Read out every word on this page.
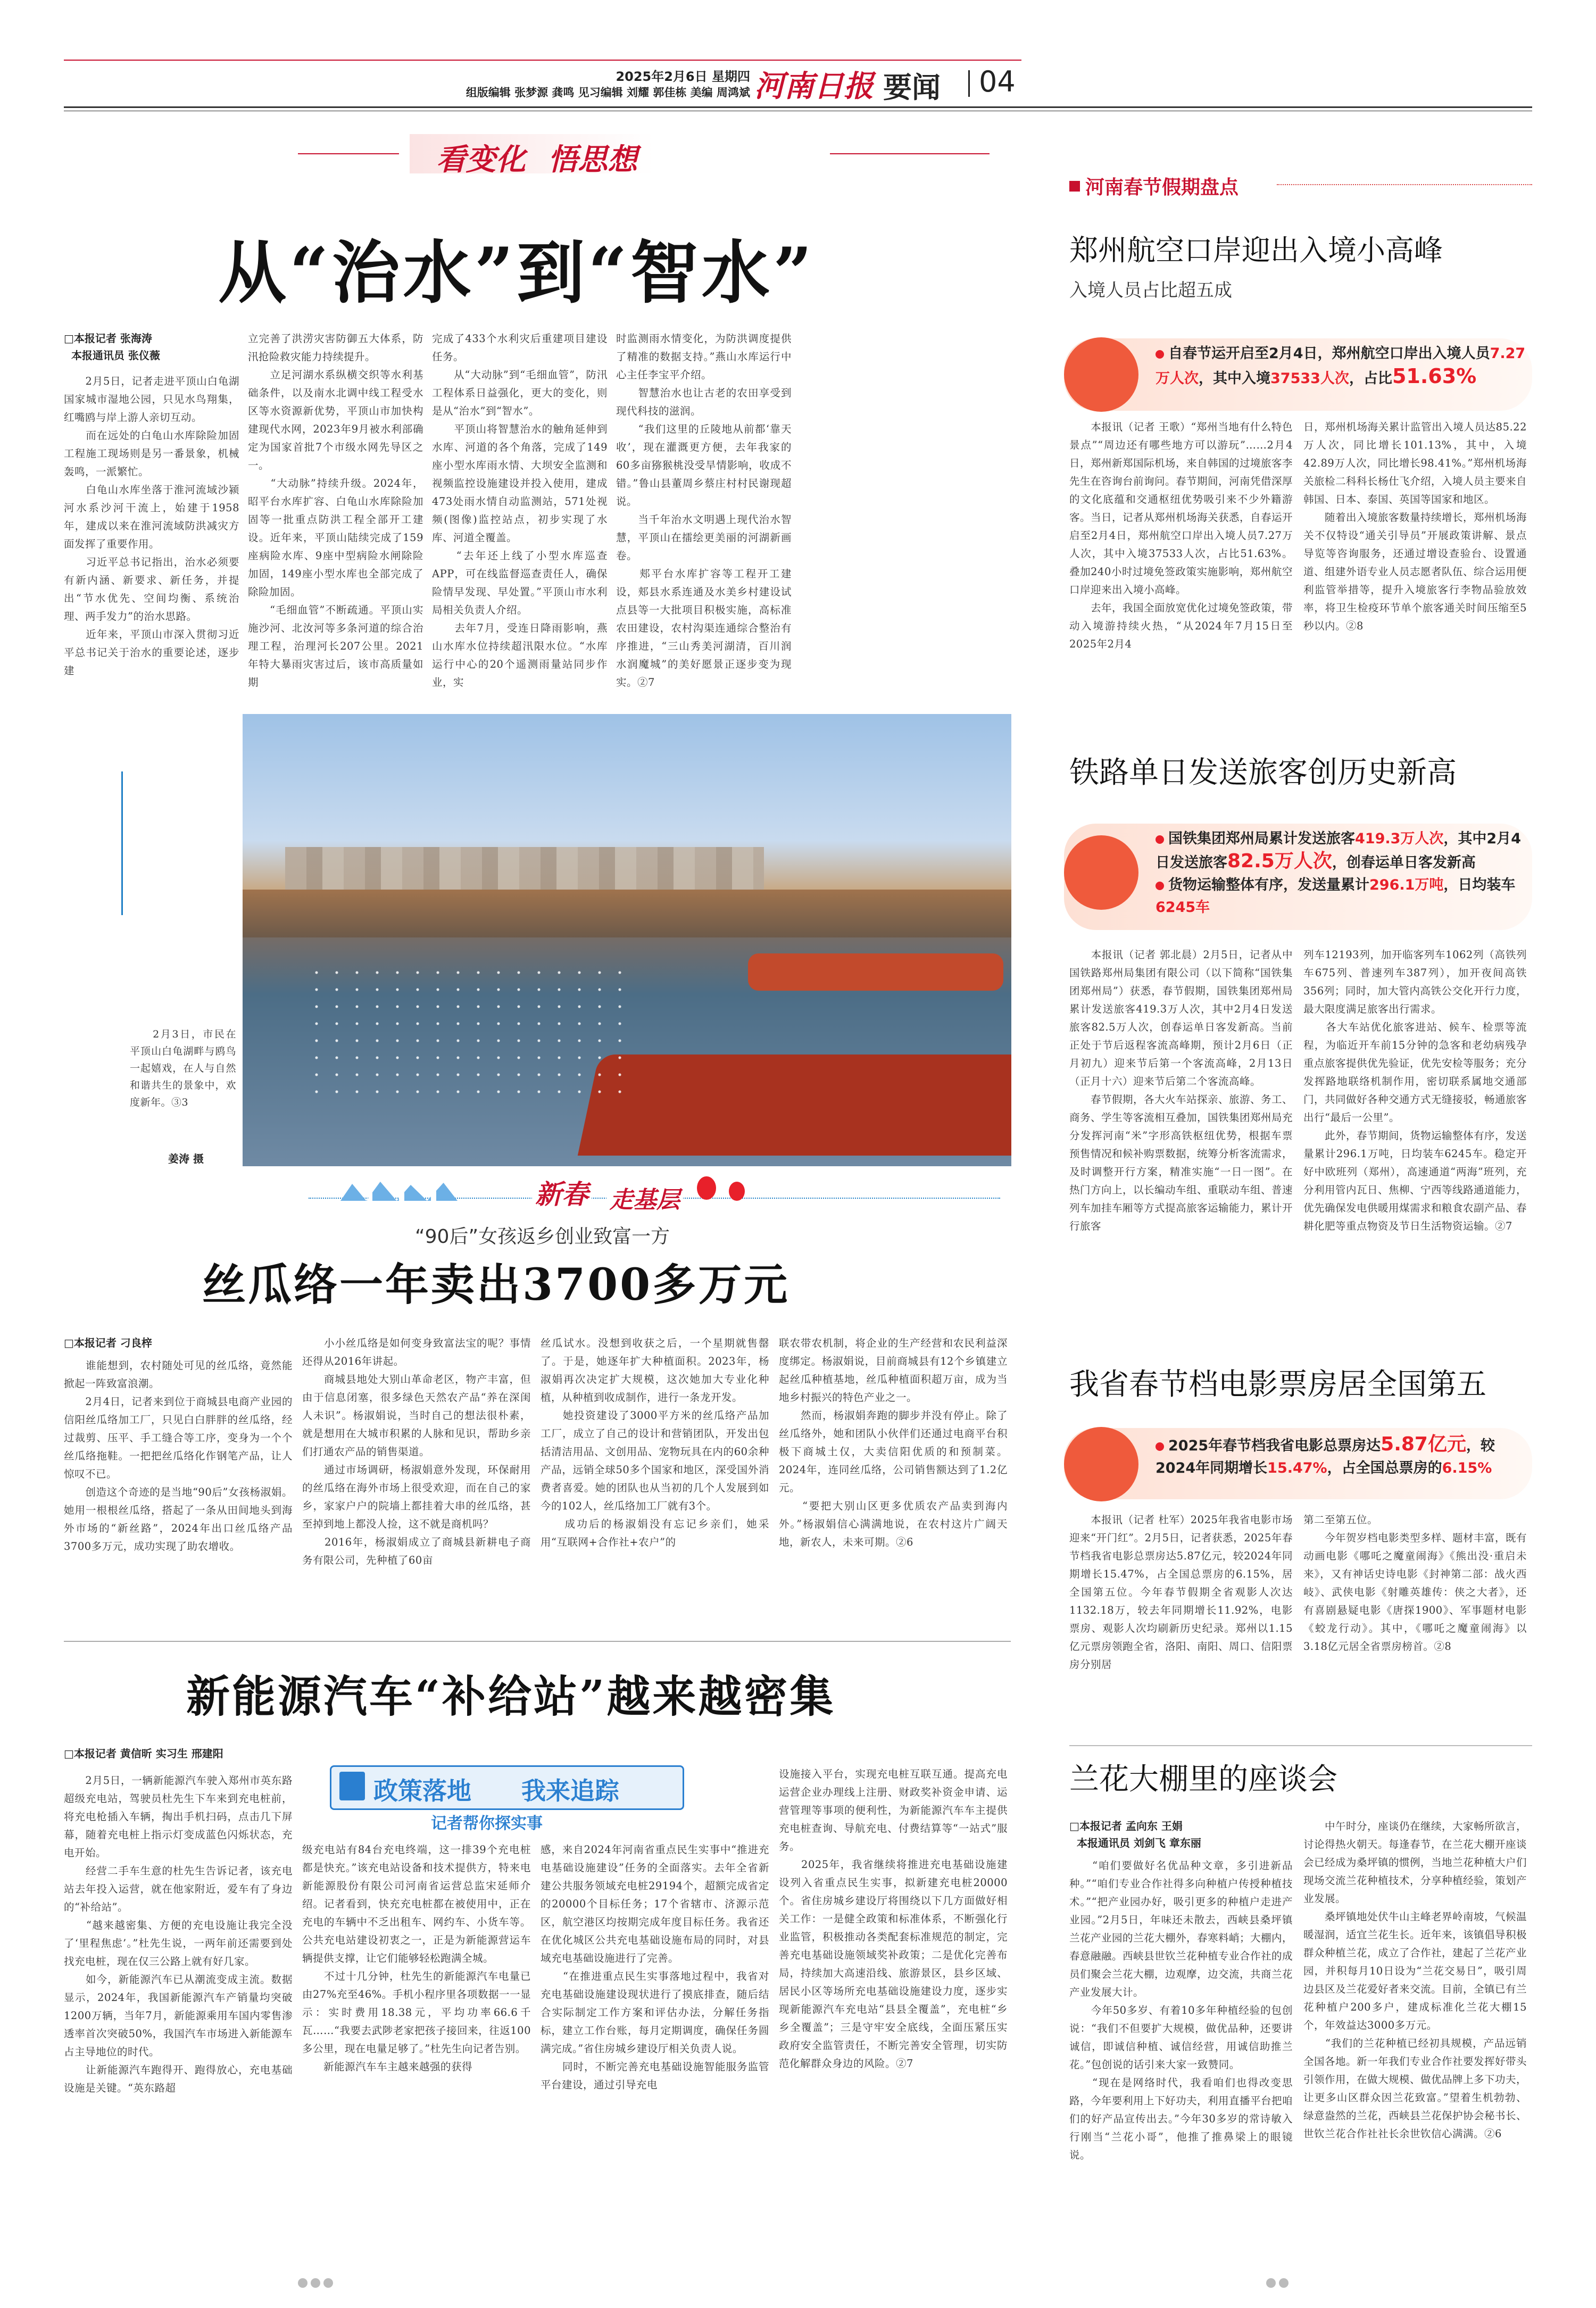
2025年2月6日 星期四
组版编辑 张梦源 龚鸣 见习编辑 刘耀 郭佳栋 美编 周鸿斌 河南日报 要闻 04
看变化 悟思想
从“治水”到“智水”
□本报记者 张海涛
本报通讯员 张仪薇
　　2月5日，记者走进平顶山白龟湖国家城市湿地公园，只见水鸟翔集，红嘴鸥与岸上游人亲切互动。
　　而在远处的白龟山水库除险加固工程施工现场则是另一番景象，机械轰鸣，一派繁忙。
　　白龟山水库坐落于淮河流域沙颍河水系沙河干流上，始建于1958年，建成以来在淮河流域防洪减灾方面发挥了重要作用。
　　习近平总书记指出，治水必须要有新内涵、新要求、新任务，并提出“节水优先、空间均衡、系统治理、两手发力”的治水思路。
　　近年来，平顶山市深入贯彻习近平总书记关于治水的重要论述，逐步建
立完善了洪涝灾害防御五大体系，防汛抢险救灾能力持续提升。
　　立足河湖水系纵横交织等水利基础条件，以及南水北调中线工程受水区等水资源新优势，平顶山市加快构建现代水网，2023年9月被水利部确定为国家首批7个市级水网先导区之一。
　　“大动脉”持续升级。2024年，昭平台水库扩容、白龟山水库除险加固等一批重点防洪工程全部开工建设。近年来，平顶山陆续完成了159座病险水库、9座中型病险水闸除险加固，149座小型水库也全部完成了除险加固。
　　“毛细血管”不断疏通。平顶山实施沙河、北汝河等多条河道的综合治理工程，治理河长207公里。2021年特大暴雨灾害过后，该市高质量如期
完成了433个水利灾后重建项目建设任务。
　　从“大动脉”到“毛细血管”，防汛工程体系日益强化，更大的变化，则是从“治水”到“智水”。
　　平顶山将智慧治水的触角延伸到水库、河道的各个角落，完成了149座小型水库雨水情、大坝安全监测和视频监控设施建设并投入使用，建成473处雨水情自动监测站，571处视频(图像)监控站点，初步实现了水库、河道全覆盖。
　　“去年还上线了小型水库巡查APP，可在线监督巡查责任人，确保险情早发现、早处置。”平顶山市水利局相关负责人介绍。
　　去年7月，受连日降雨影响，燕山水库水位持续超汛限水位。“水库运行中心的20个遥测雨量站同步作业，实
时监测雨水情变化，为防洪调度提供了精准的数据支持。”燕山水库运行中心主任李宝平介绍。
　　智慧治水也让古老的农田享受到现代科技的滋润。
　　“我们这里的丘陵地从前都‘靠天收’，现在灌溉更方便，去年我家的60多亩猕猴桃没受旱情影响，收成不错。”鲁山县董周乡蔡庄村村民谢现超说。
　　当千年治水文明遇上现代治水智慧，平顶山在擂绘更美丽的河湖新画卷。
　　郏平台水库扩容等工程开工建设，郏县水系连通及水美乡村建设试点县等一大批项目积极实施，高标准农田建设，农村沟渠连通综合整治有序推进，“三山秀美河湖清，百川润水润魔城”的美好愿景正逐步变为现实。②7
　　2月3日，市民在平顶山白龟湖畔与鸥鸟一起嬉戏，在人与自然和谐共生的景象中，欢度新年。③3
姜涛 摄
新春 走基层
“90后”女孩返乡创业致富一方
丝瓜络一年卖出3700多万元
□本报记者 刁良梓
　　谁能想到，农村随处可见的丝瓜络，竟然能掀起一阵致富浪潮。
　　2月4日，记者来到位于商城县电商产业园的信阳丝瓜络加工厂，只见白白胖胖的丝瓜络，经过裁剪、压平、手工缝合等工序，变身为一个个丝瓜络拖鞋。一把把丝瓜络化作钢笔产品，让人惊叹不已。
　　创造这个奇迹的是当地“90后”女孩杨淑娟。她用一根根丝瓜络，搭起了一条从田间地头到海外市场的“新丝路”，2024年出口丝瓜络产品3700多万元，成功实现了助农增收。
　　小小丝瓜络是如何变身致富法宝的呢？事情还得从2016年讲起。
　　商城县地处大别山革命老区，物产丰富，但由于信息闭塞，很多绿色天然农产品“养在深闺人未识”。杨淑娟说，当时自己的想法很朴素，就是想用在大城市积累的人脉和见识，帮助乡亲们打通农产品的销售渠道。
　　通过市场调研，杨淑娟意外发现，环保耐用的丝瓜络在海外市场上很受欢迎，而在自己的家乡，家家户户的院墙上都挂着大串的丝瓜络，甚至掉到地上都没人捡，这不就是商机吗？
　　2016年，杨淑娟成立了商城县新耕电子商务有限公司，先种植了60亩
丝瓜试水。没想到收获之后，一个星期就售罄了。于是，她逐年扩大种植面积。2023年，杨淑娟再次决定扩大规模，这次她加大专业化种植，从种植到收成制作，进行一条龙开发。
　　她投资建设了3000平方米的丝瓜络产品加工厂，成立了自己的设计和营销团队，开发出包括清洁用品、文创用品、宠物玩具在内的60余种产品，远销全球50多个国家和地区，深受国外消费者喜爱。她的团队也从当初的几个人发展到如今的102人，丝瓜络加工厂就有3个。
　　成功后的杨淑娟没有忘记乡亲们，她采用“互联网+合作社+农户”的
联农带农机制，将企业的生产经营和农民利益深度绑定。杨淑娟说，目前商城县有12个乡镇建立起丝瓜种植基地，丝瓜种植面积超万亩，成为当地乡村振兴的特色产业之一。
　　然而，杨淑娟奔跑的脚步并没有停止。除了丝瓜络外，她和团队小伙伴们还通过电商平台积极下商城土仅，大卖信阳优质的和预制菜。2024年，连同丝瓜络，公司销售额达到了1.2亿元。
　　“要把大别山区更多优质农产品卖到海内外。”杨淑娟信心满满地说，在农村这片广阔天地，新农人，未来可期。②6
新能源汽车“补给站”越来越密集
□本报记者 黄信昕 实习生 邢建阳
政策落地 我来追踪
记者帮你探实事
　　2月5日，一辆新能源汽车驶入郑州市英东路超级充电站，驾驶员杜先生下车来到充电桩前，将充电枪插入车辆，掏出手机扫码，点击几下屏幕，随着充电桩上指示灯变成蓝色闪烁状态，充电开始。
　　经营二手车生意的杜先生告诉记者，该充电站去年投入运营，就在他家附近，爱车有了身边的“补给站”。
　　“越来越密集、方便的充电设施让我完全没了‘里程焦虑’。”杜先生说，一两年前还需要到处找充电桩，现在仅三公路上就有好几家。
　　如今，新能源汽车已从潮流变成主流。数据显示，2024年，我国新能源汽车产销量均突破1200万辆，当年7月，新能源乘用车国内零售渗透率首次突破50%，我国汽车市场进入新能源车占主导地位的时代。
　　让新能源汽车跑得开、跑得放心，充电基础设施是关键。“英东路超
级充电站有84台充电终端，这一排39个充电桩都是快充。”该充电站设备和技术提供方，特来电新能源股份有限公司河南省运营总监宋延师介绍。记者看到，快充充电桩都在被使用中，正在充电的车辆中不乏出租车、网约车、小货车等。公共充电站建设初衷之一，正是为新能源营运车辆提供支撑，让它们能够轻松跑满全城。
　　不过十几分钟，杜先生的新能源汽车电量已由27%充至46%。手机小程序里各项数据一一显示：实时费用18.38元，平均功率66.6千瓦……“我要去武陟老家把孩子接回来，往返100多公里，现在电量足够了。”杜先生向记者告别。
　　新能源汽车车主越来越强的获得
感，来自2024年河南省重点民生实事中“推进充电基础设施建设”任务的全面落实。去年全省新建公共服务领域充电桩29194个，超额完成省定的20000个目标任务；17个省辖市、济源示范区，航空港区均按期完成年度目标任务。我省还在优化城区公共充电基础设施布局的同时，对县域充电基础设施进行了完善。
　　“在推进重点民生实事落地过程中，我省对充电基础设施建设现状进行了摸底排查，随后结合实际制定工作方案和评估办法，分解任务指标，建立工作台账，每月定期调度，确保任务圆满完成。”省住房城乡建设厅相关负责人说。
　　同时，不断完善充电基础设施智能服务监管平台建设，通过引导充电
设施接入平台，实现充电桩互联互通。提高充电运营企业办理线上注册、财政奖补资金申请、运营管理等事项的便利性，为新能源汽车车主提供充电桩查询、导航充电、付费结算等“一站式”服务。
　　2025年，我省继续将推进充电基础设施建设列入省重点民生实事，拟新建充电桩20000个。省住房城乡建设厅将围绕以下几方面做好相关工作：一是健全政策和标准体系，不断强化行业监管，积极推动各类配套标准规范的制定，完善充电基础设施领域奖补政策；二是优化完善布局，持续加大高速沿线、旅游景区，县乡区域、居民小区等场所充电基础设施建设力度，逐步实现新能源汽车充电站“县县全覆盖”，充电桩“乡乡全覆盖”；三是守牢安全底线，全面压紧压实政府安全监管责任，不断完善安全管理，切实防范化解群众身边的风险。②7
河南春节假期盘点
郑州航空口岸迎出入境小高峰
入境人员占比超五成
自春节运开启至2月4日，郑州航空口岸出入境人员7.27万人次，其中入境37533人次，占比51.63%
　　本报讯（记者 王歌）“郑州当地有什么特色景点”“周边还有哪些地方可以游玩”……2月4日，郑州新郑国际机场，来自韩国的过境旅客李先生在咨询台前询问。春节期间，河南凭借深厚的文化底蕴和交通枢纽优势吸引来不少外籍游客。当日，记者从郑州机场海关获悉，自春运开启至2月4日，郑州航空口岸出入境人员7.27万人次，其中入境37533人次，占比51.63%。叠加240小时过境免签政策实施影响，郑州航空口岸迎来出入境小高峰。
　　去年，我国全面放宽优化过境免签政策，带动入境游持续火热，“从2024年7月15日至2025年2月4
日，郑州机场海关累计监管出入境人员达85.22万人次，同比增长101.13%，其中，入境42.89万人次，同比增长98.41%。”郑州机场海关旅检二科科长杨仕飞介绍，入境人员主要来自韩国、日本、泰国、英国等国家和地区。
　　随着出入境旅客数量持续增长，郑州机场海关不仅特设“通关引导员”开展政策讲解、景点导览等咨询服务，还通过增设查验台、设置通道、组建外语专业人员志愿者队伍、综合运用便利监管举措等，提升入境旅客行李物品验放效率，将卫生检疫环节单个旅客通关时间压缩至5秒以内。②8
铁路单日发送旅客创历史新高
国铁集团郑州局累计发送旅客419.3万人次，其中2月4日发送旅客82.5万人次，创春运单日客发新高
货物运输整体有序，发送量累计296.1万吨，日均装车6245车
　　本报讯（记者 郭北晨）2月5日，记者从中国铁路郑州局集团有限公司（以下简称“国铁集团郑州局”）获悉，春节假期，国铁集团郑州局累计发送旅客419.3万人次，其中2月4日发送旅客82.5万人次，创春运单日客发新高。当前正处于节后返程客流高峰期，预计2月6日（正月初九）迎来节后第一个客流高峰，2月13日（正月十六）迎来节后第二个客流高峰。
　　春节假期，各大火车站探亲、旅游、务工、商务、学生等客流相互叠加，国铁集团郑州局充分发挥河南“米”字形高铁枢纽优势，根据车票预售情况和候补购票数据，统筹分析客流需求，及时调整开行方案，精准实施“一日一图”。在热门方向上，以长编动车组、重联动车组、普速列车加挂车厢等方式提高旅客运输能力，累计开行旅客
列车12193列，加开临客列车1062列（高铁列车675列、普速列车387列），加开夜间高铁356列；同时，加大管内高铁公交化开行力度，最大限度满足旅客出行需求。
　　各大车站优化旅客进站、候车、检票等流程，为临近开车前15分钟的急客和老幼病残孕重点旅客提供优先验证，优先安检等服务；充分发挥路地联络机制作用，密切联系属地交通部门，共同做好各种交通方式无缝接驳，畅通旅客出行“最后一公里”。
　　此外，春节期间，货物运输整体有序，发送量累计296.1万吨，日均装车6245车。稳定开好中欧班列（郑州），高速通道“两海”班列，充分利用管内瓦日、焦柳、宁西等线路通道能力，优先确保发电供暖用煤需求和粮食农副产品、春耕化肥等重点物资及节日生活物资运输。②7
我省春节档电影票房居全国第五
2025年春节档我省电影总票房达5.87亿元，较2024年同期增长15.47%，占全国总票房的6.15%
　　本报讯（记者 杜军）2025年我省电影市场迎来“开门红”。2月5日，记者获悉，2025年春节档我省电影总票房达5.87亿元，较2024年同期增长15.47%，占全国总票房的6.15%，居全国第五位。今年春节假期全省观影人次达1132.18万，较去年同期增长11.92%，电影票房、观影人次均刷新历史纪录。郑州以1.15亿元票房领跑全省，洛阳、南阳、周口、信阳票房分别居
第二至第五位。
　　今年贺岁档电影类型多样、题材丰富，既有动画电影《哪吒之魔童闹海》《熊出没·重启未来》，又有神话史诗电影《封神第二部：战火西岐》、武侠电影《射雕英雄传：侠之大者》，还有喜剧悬疑电影《唐探1900》、军事题材电影《蛟龙行动》。其中，《哪吒之魔童闹海》以3.18亿元居全省票房榜首。②8
兰花大棚里的座谈会
□本报记者 孟向东 王娟
本报通讯员 刘剑飞 章东丽
　　“咱们要做好名优品种文章，多引进新品种。”“咱们专业合作社得多向种植户传授种植技术。”“把产业园办好，吸引更多的种植户走进产业园。”2月5日，年味还未散去，西峡县桑坪镇兰花产业园的兰花大棚外，春寒料峭；大棚内，春意融融。西峡县世钦兰花种植专业合作社的成员们聚会兰花大棚，边观摩，边交流，共商兰花产业发展大计。
　　今年50多岁、有着10多年种植经验的包创说：“我们不但要扩大规模，做优品种，还要讲诚信，即诚信种植、诚信经营，用诚信助推兰花。”包创说的话引来大家一致赞同。
　　“现在是网络时代，我看咱们也得改变思路，今年要利用上下好功夫，利用直播平台把咱们的好产品宣传出去。”今年30多岁的常诗敏入行刚当“兰花小哥”，他推了推鼻梁上的眼镜说。
　　中午时分，座谈仍在继续，大家畅所欲言，讨论得热火朝天。每逢春节，在兰花大棚开座谈会已经成为桑坪镇的惯例，当地兰花种植大户们现场交流兰花种植技术，分享种植经验，策划产业发展。
　　桑坪镇地处伏牛山主峰老界岭南坡，气候温暖湿润，适宜兰花生长。近年来，该镇倡导积极群众种植兰花，成立了合作社，建起了兰花产业园，并积每月10日设为“兰花交易日”，吸引周边县区及兰花爱好者来交流。目前，全镇已有兰花种植户200多户，建成标准化兰花大棚15个，年效益达3000多万元。
　　“我们的兰花种植已经初具规模，产品远销全国各地。新一年我们专业合作社要发挥好带头引领作用，在做大规模、做优品牌上多下功夫，让更多山区群众因兰花致富。”望着生机勃勃、绿意盎然的兰花，西峡县兰花保护协会秘书长、世钦兰花合作社社长余世钦信心满满。②6
